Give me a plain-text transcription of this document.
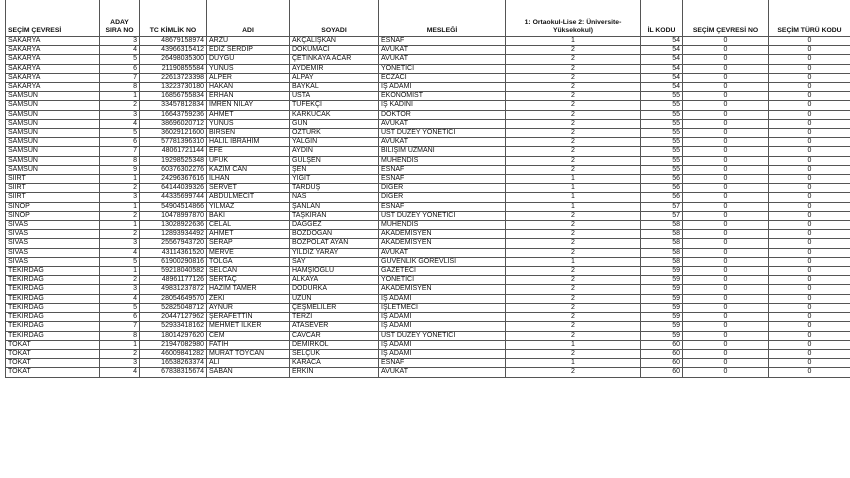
SEÇİM ÇEVRESİ	ADAY SIRA NO	TC KİMLİK NO	ADI	SOYADI	MESLEĞİ	1: Ortaokul-Lise 2: Üniversite-Yüksekokul)	İL KODU	SEÇİM ÇEVRESİ NO	SEÇİM TÜRÜ KODU
SAKARYA	3	48679158974	ARZU	AKÇALIŞKAN	ESNAF	1	54	0	0
SAKARYA	4	43966315412	EDİZ SERDİP	DOKUMACI	AVUKAT	2	54	0	0
SAKARYA	5	26498035300	DUYGU	ÇETİNKAYA ACAR	AVUKAT	2	54	0	0
SAKARYA	6	21190855584	YUNUS	AYDEMİR	YÖNETİCİ	2	54	0	0
SAKARYA	7	22613723398	ALPER	ALPAY	ECZACI	2	54	0	0
SAKARYA	8	13223730180	HAKAN	BAYKAL	İŞ ADAMI	2	54	0	0
SAMSUN	1	16856755834	ERHAN	USTA	EKONOMİST	2	55	0	0
SAMSUN	2	33457812834	İMREN NİLAY	TÜFEKÇİ	İŞ KADINI	2	55	0	0
SAMSUN	3	16643759236	AHMET	KARKUCAK	DOKTOR	2	55	0	0
SAMSUN	4	38696020712	YUNUS	GÜN	AVUKAT	2	55	0	0
SAMSUN	5	36029121600	BİRSEN	ÖZTÜRK	ÜST DÜZEY YÖNETİCİ	2	55	0	0
SAMSUN	6	57781396310	HALİL İBRAHİM	YALGIN	AVUKAT	2	55	0	0
SAMSUN	7	48061721144	EFE	AYDIN	BİLİŞİM UZMANI	2	55	0	0
SAMSUN	8	19298525348	UFUK	GÜLŞEN	MÜHENDİS	2	55	0	0
SAMSUN	9	60376302276	KAZIM CAN	ŞEN	ESNAF	2	55	0	0
SİİRT	1	24296367616	İLHAN	YİĞİT	ESNAF	1	56	0	0
SİİRT	2	64144039326	SERVET	TARDUŞ	DİĞER	1	56	0	0
SİİRT	3	44335699744	ABDULMECİT	NAS	DİĞER	1	56	0	0
SİNOP	1	54904514866	YILMAZ	ŞANLAN	ESNAF	1	57	0	0
SİNOP	2	10478997870	BAKİ	TAŞKIRAN	ÜST DÜZEY YÖNETİCİ	2	57	0	0
SİVAS	1	13028922636	CELAL	DAĞGEZ	MÜHENDİS	2	58	0	0
SİVAS	2	12893934492	AHMET	BOZDOĞAN	AKADEMİSYEN	2	58	0	0
SİVAS	3	25567943720	SERAP	BOZPOLAT AYAN	AKADEMİSYEN	2	58	0	0
SİVAS	4	43114361520	MERVE	YILDIZ YARAY	AVUKAT	2	58	0	0
SİVAS	5	61900290816	TOLGA	SAY	GÜVENLİK GÖREVLİSİ	1	58	0	0
TEKİRDAĞ	1	59218040582	SELCAN	HAMŞIOĞLU	GAZETECİ	2	59	0	0
TEKİRDAĞ	2	48961177126	SERTAÇ	ALKAYA	YÖNETİCİ	2	59	0	0
TEKİRDAĞ	3	49831237872	HAZIM TAMER	DODURKA	AKADEMİSYEN	2	59	0	0
TEKİRDAĞ	4	28054649570	ZEKİ	UZUN	İŞ ADAMI	2	59	0	0
TEKİRDAĞ	5	52825048712	AYNUR	ÇEŞMELİLER	İŞLETMECİ	2	59	0	0
TEKİRDAĞ	6	20447127962	ŞERAFETTİN	TERZİ	İŞ ADAMI	2	59	0	0
TEKİRDAĞ	7	52933418162	MEHMET İLKER	ATASEVER	İŞ ADAMI	2	59	0	0
TEKİRDAĞ	8	18014297620	CEM	CAVCAR	ÜST DÜZEY YÖNETİCİ	2	59	0	0
TOKAT	1	21947082980	FATİH	DEMİRKOL	İŞ ADAMI	1	60	0	0
TOKAT	2	46009841282	MURAT TOYCAN	SELÇUK	İŞ ADAMI	2	60	0	0
TOKAT	3	16538263374	ALİ	KARACA	ESNAF	1	60	0	0
TOKAT	4	67838315674	SABAN	ERKİN	AVUKAT	2	60	0	0
